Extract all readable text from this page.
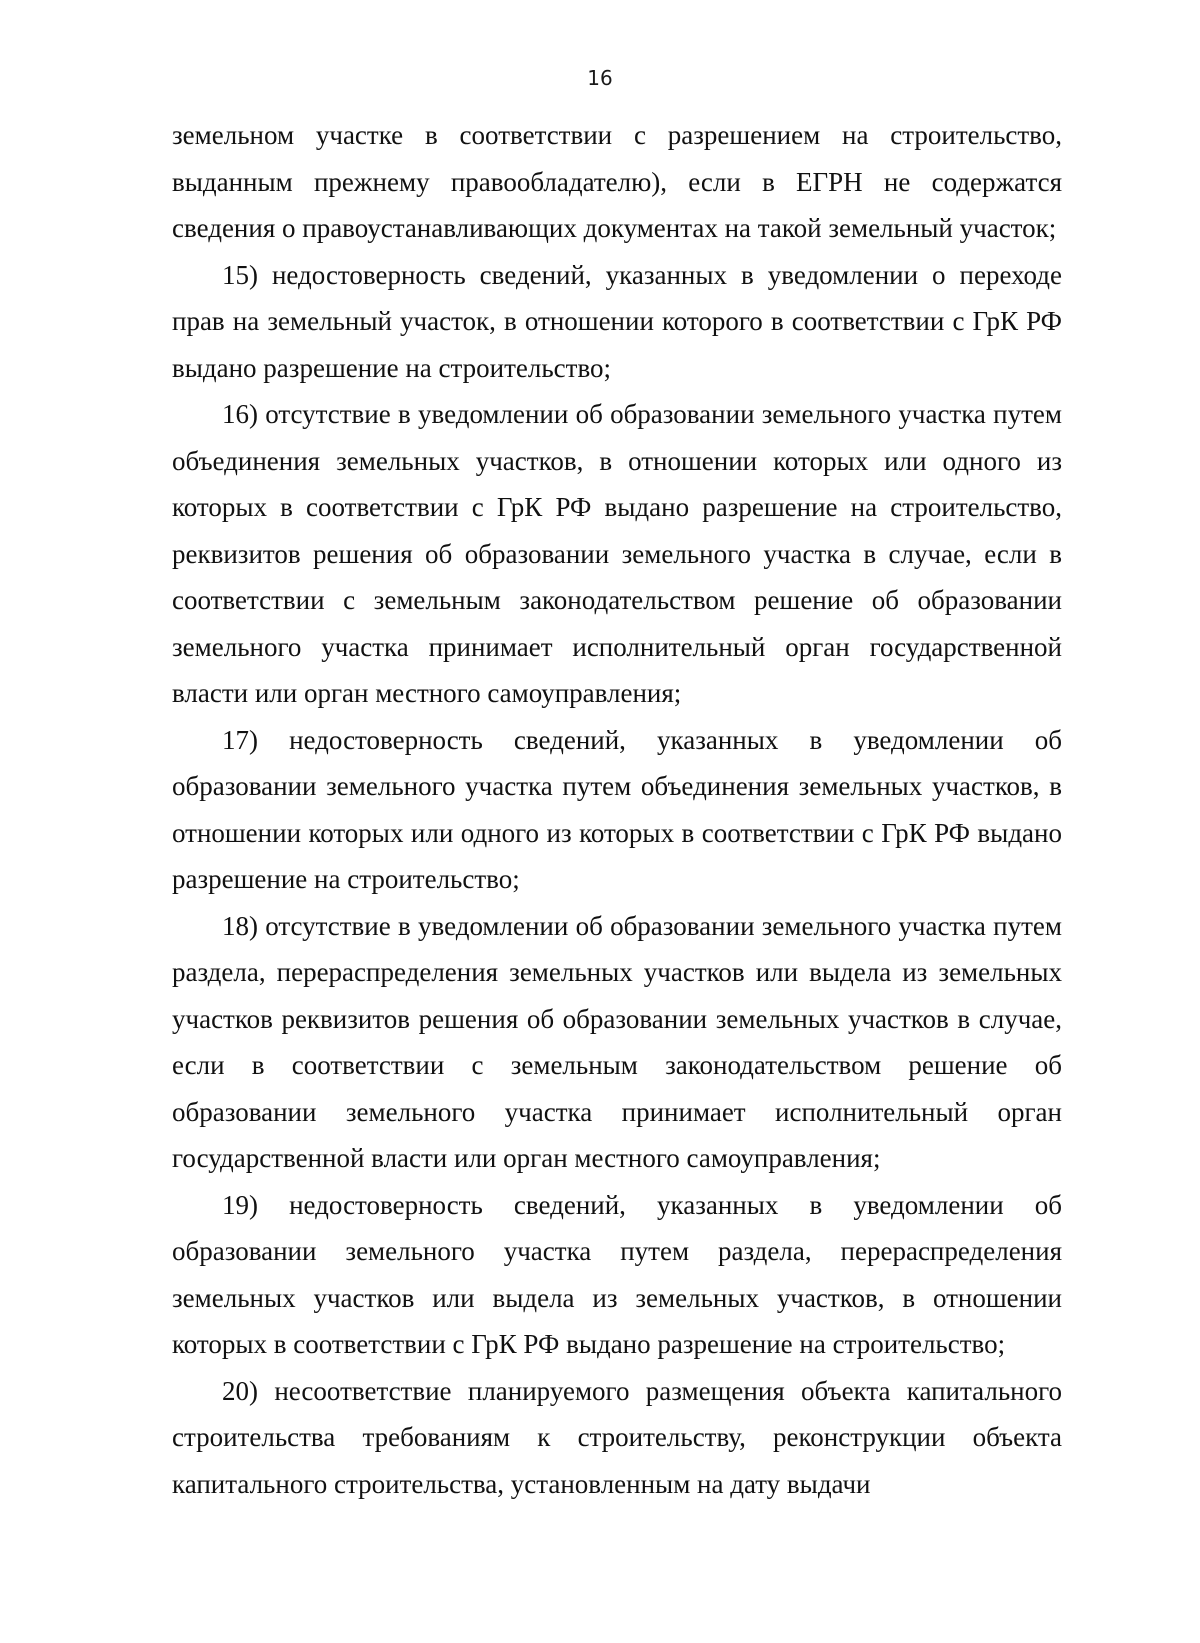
16

земельном участке в соответствии с разрешением на строительство, выданным прежнему правообладателю), если в ЕГРН не содержатся сведения о правоустанавливающих документах на такой земельный участок;

15) недостоверность сведений, указанных в уведомлении о переходе прав на земельный участок, в отношении которого в соответствии с ГрК РФ выдано разрешение на строительство;

16) отсутствие в уведомлении об образовании земельного участка путем объединения земельных участков, в отношении которых или одного из которых в соответствии с ГрК РФ выдано разрешение на строительство, реквизитов решения об образовании земельного участка в случае, если в соответствии с земельным законодательством решение об образовании земельного участка принимает исполнительный орган государственной власти или орган местного самоуправления;

17) недостоверность сведений, указанных в уведомлении об образовании земельного участка путем объединения земельных участков, в отношении которых или одного из которых в соответствии с ГрК РФ выдано разрешение на строительство;

18) отсутствие в уведомлении об образовании земельного участка путем раздела, перераспределения земельных участков или выдела из земельных участков реквизитов решения об образовании земельных участков в случае, если в соответствии с земельным законодательством решение об образовании земельного участка принимает исполнительный орган государственной власти или орган местного самоуправления;

19) недостоверность сведений, указанных в уведомлении об образовании земельного участка путем раздела, перераспределения земельных участков или выдела из земельных участков, в отношении которых в соответствии с ГрК РФ выдано разрешение на строительство;

20) несоответствие планируемого размещения объекта капитального строительства требованиям к строительству, реконструкции объекта капитального строительства, установленным на дату выдачи
